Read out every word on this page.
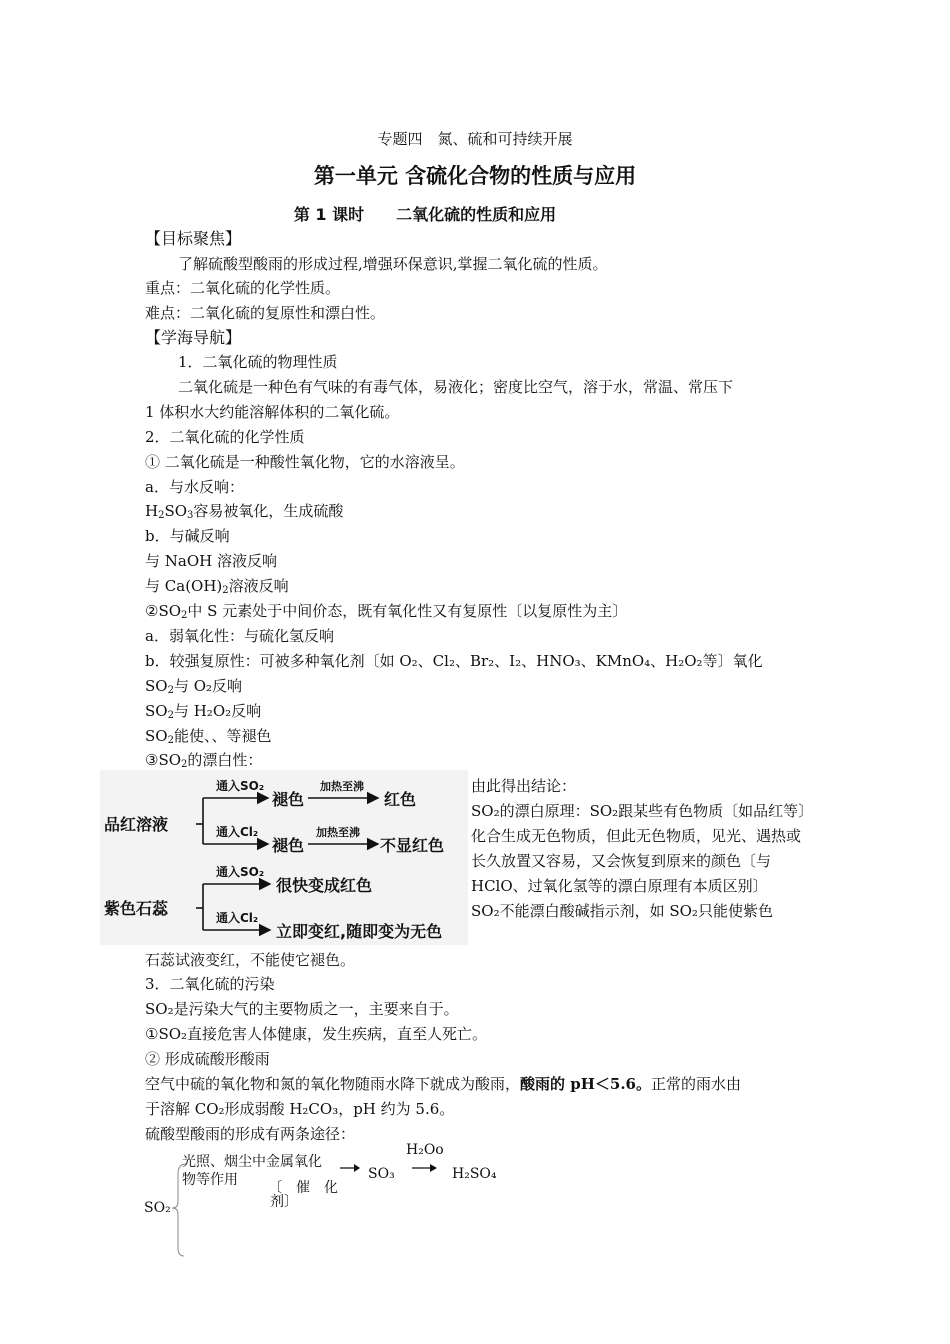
专题四　氮、硫和可持续开展
第一单元 含硫化合物的性质与应用
第 1 课时　　二氧化硫的性质和应用
【目标聚焦】
了解硫酸型酸雨的形成过程,增强环保意识,掌握二氧化硫的性质。
重点：二氧化硫的化学性质。
难点：二氧化硫的复原性和漂白性。
【学海导航】
1．二氧化硫的物理性质
二氧化硫是一种色有气味的有毒气体，易液化；密度比空气，溶于水，常温、常压下
1 体积水大约能溶解体积的二氧化硫。
2．二氧化硫的化学性质
① 二氧化硫是一种酸性氧化物，它的水溶液呈。
a．与水反响：
$H_2SO_3$容易被氧化，生成硫酸
b．与碱反响
与 NaOH 溶液反响
与 $Ca(OH)_2$溶液反响
$②SO_2$中 S 元素处于中间价态，既有氧化性又有复原性〔以复原性为主〕
a．弱氧化性：与硫化氢反响
b．较强复原性：可被多种氧化剂〔如 O₂、Cl₂、Br₂、I₂、HNO₃、KMnO₄、H₂O₂等〕氧化
$SO_2$与 O₂反响
$SO_2$与 H₂O₂反响
$SO_2$能使、、等褪色
$③SO_2$的漂白性：
品红溶液
紫色石蕊
通入SO₂
通入Cl₂
通入SO₂
通入Cl₂
褪色
褪色
加热至沸
加热至沸
红色
不显红色
很快变成红色
立即变红,随即变为无色
由此得出结论：
SO₂的漂白原理：SO₂跟某些有色物质〔如品红等〕化合生成无色物质，但此无色物质，见光、遇热或长久放置又容易，又会恢复到原来的颜色〔与 HClO、过氧化氢等的漂白原理有本质区别〕
SO₂不能漂白酸碱指示剂，如 SO₂只能使紫色
石蕊试液变红，不能使它褪色。
3．二氧化硫的污染
SO₂是污染大气的主要物质之一，主要来自于。
①SO₂直接危害人体健康，发生疾病，直至人死亡。
② 形成硫酸形酸雨
空气中硫的氧化物和氮的氧化物随雨水降下就成为酸雨，酸雨的 pH＜5.6。正常的雨水由
于溶解 CO₂形成弱酸 H₂CO₃，pH 约为 5.6。
硫酸型酸雨的形成有两条途径：
光照、烟尘中金属氧化
物等作用 〔　催　化
剂〕
SO₃
H₂Oo
H₂SO₄
SO₂
